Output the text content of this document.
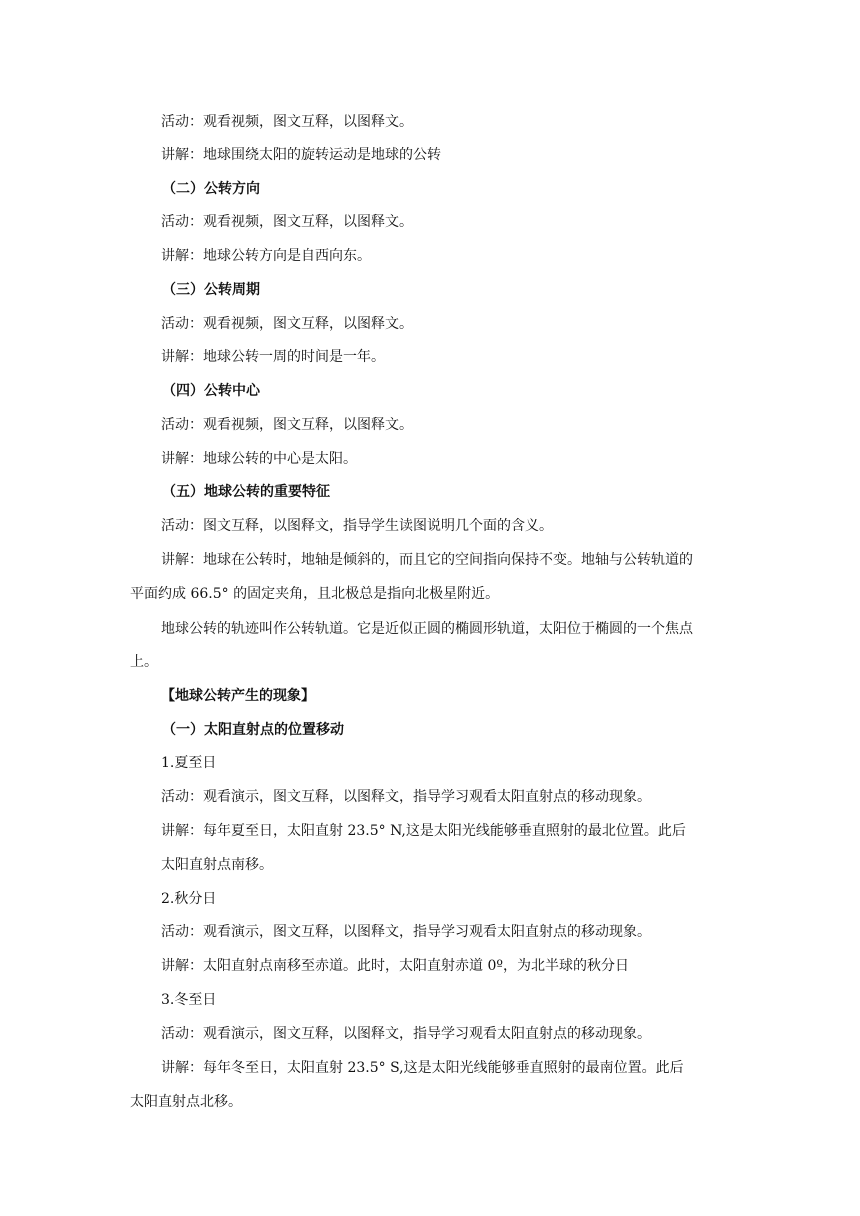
活动：观看视频，图文互释，以图释文。
讲解：地球围绕太阳的旋转运动是地球的公转
（二）公转方向
活动：观看视频，图文互释，以图释文。
讲解：地球公转方向是自西向东。
（三）公转周期
活动：观看视频，图文互释，以图释文。
讲解：地球公转一周的时间是一年。
（四）公转中心
活动：观看视频，图文互释，以图释文。
讲解：地球公转的中心是太阳。
（五）地球公转的重要特征
活动：图文互释，以图释文，指导学生读图说明几个面的含义。
讲解：地球在公转时，地轴是倾斜的，而且它的空间指向保持不变。地轴与公转轨道的
平面约成 66.5° 的固定夹角，且北极总是指向北极星附近。
地球公转的轨迹叫作公转轨道。它是近似正圆的椭圆形轨道，太阳位于椭圆的一个焦点
上。
【地球公转产生的现象】
（一）太阳直射点的位置移动
1.夏至日
活动：观看演示，图文互释，以图释文，指导学习观看太阳直射点的移动现象。
讲解：每年夏至日，太阳直射 23.5° N,这是太阳光线能够垂直照射的最北位置。此后
太阳直射点南移。
2.秋分日
活动：观看演示，图文互释，以图释文，指导学习观看太阳直射点的移动现象。
讲解：太阳直射点南移至赤道。此时，太阳直射赤道 0º，为北半球的秋分日
3.冬至日
活动：观看演示，图文互释，以图释文，指导学习观看太阳直射点的移动现象。
讲解：每年冬至日，太阳直射 23.5° S,这是太阳光线能够垂直照射的最南位置。此后
太阳直射点北移。
